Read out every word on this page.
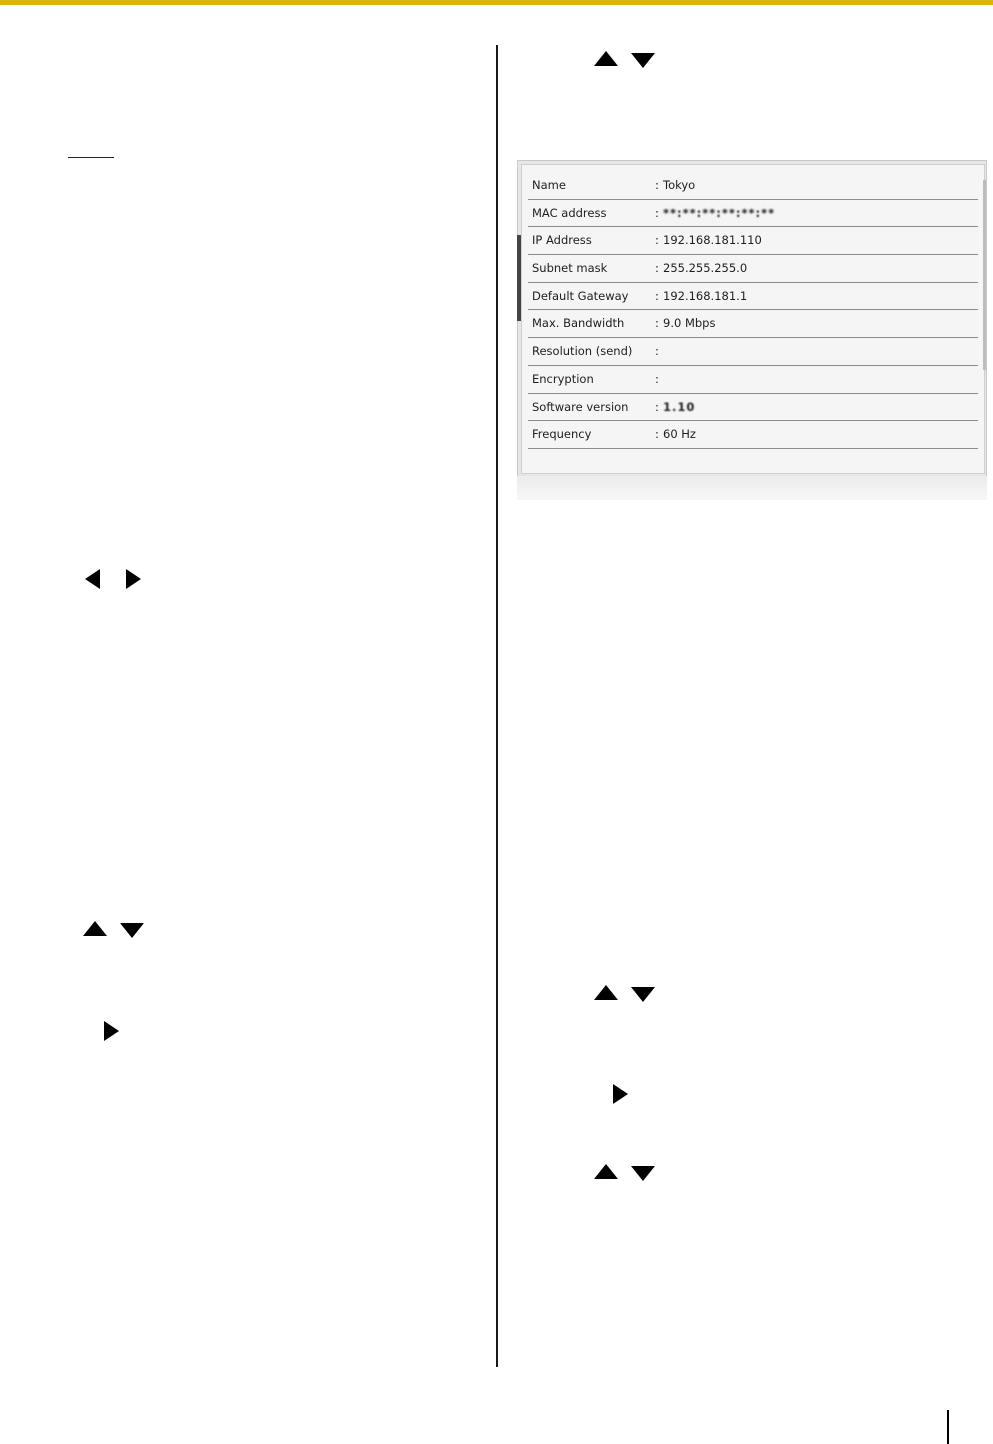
Name	: Tokyo
MAC address	: **:**:**:**:**:**
IP Address	: 192.168.181.110
Subnet mask	: 255.255.255.0
Default Gateway : 192.168.181.1
Max. Bandwidth	: 9.0 Mbps
Resolution (send) :
Encryption	:
Software version : 1.10
Frequency	: 60 Hz
